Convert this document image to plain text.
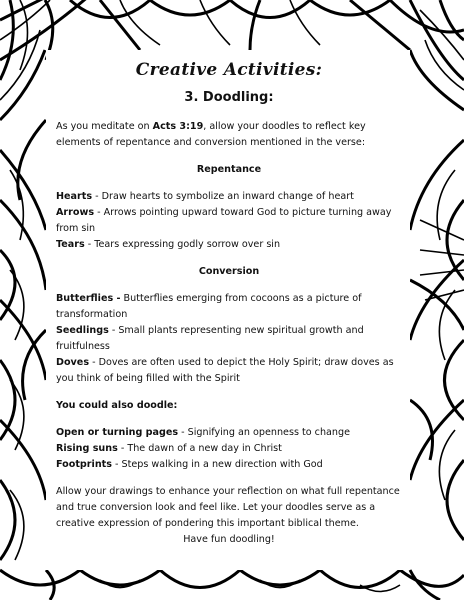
Creative Activities:
3. Doodling:

As you meditate on Acts 3:19, allow your doodles to reflect key elements of repentance and conversion mentioned in the verse:

Repentance

Hearts - Draw hearts to symbolize an inward change of heart

Arrows - Arrows pointing upward toward God to picture turning away from sin

Tears - Tears expressing godly sorrow over sin

Conversion

Butterflies - Butterflies emerging from cocoons as a picture of transformation

Seedlings - Small plants representing new spiritual growth and fruitfulness

Doves - Doves are often used to depict the Holy Spirit; draw doves as you think of being filled with the Spirit

You could also doodle:

Open or turning pages - Signifying an openness to change

Rising suns - The dawn of a new day in Christ

Footprints - Steps walking in a new direction with God

Allow your drawings to enhance your reflection on what full repentance and true conversion look and feel like. Let your doodles serve as a creative expression of pondering this important biblical theme.

Have fun doodling!
